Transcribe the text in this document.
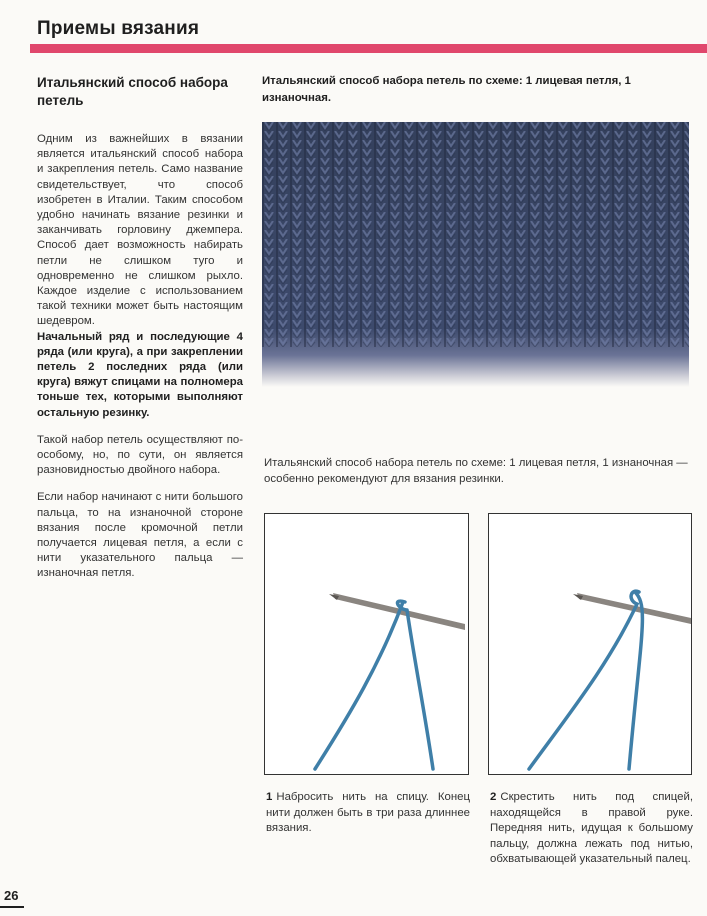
Приемы вязания
Итальянский способ набора петель

Одним из важнейших в вязании является итальянский способ набора и закрепления петель. Само название свидетельствует, что способ изобретен в Италии. Таким способом удобно начинать вязание резинки и заканчивать горловину джемпера. Способ дает возможность набирать петли не слишком туго и одновременно не слишком рыхло. Каждое изделие с использованием такой техники может быть настоящим шедевром.

Начальный ряд и последующие 4 ряда (или круга), а при закреплении петель 2 последних ряда (или круга) вяжут спицами на полномера тоньше тех, которыми выполняют остальную резинку.

Такой набор петель осуществляют по-особому, но, по сути, он является разновидностью двойного набора.

Если набор начинают с нити большого пальца, то на изнаночной стороне вязания после кромочной петли получается лицевая петля, а если с нити указательного пальца — изнаночная петля.

Итальянский способ набора петель по схеме: 1 лицевая петля, 1 изнаночная.
Итальянский способ набора петель по схеме: 1 лицевая петля, 1 изнаночная — особенно рекомендуют для вязания резинки.
1 Набросить нить на спицу. Конец нити должен быть в три раза длиннее вязания.
2 Скрестить нить под спицей, находящейся в правой руке. Передняя нить, идущая к большому пальцу, должна лежать под нитью, обхватывающей указательный палец.
26
